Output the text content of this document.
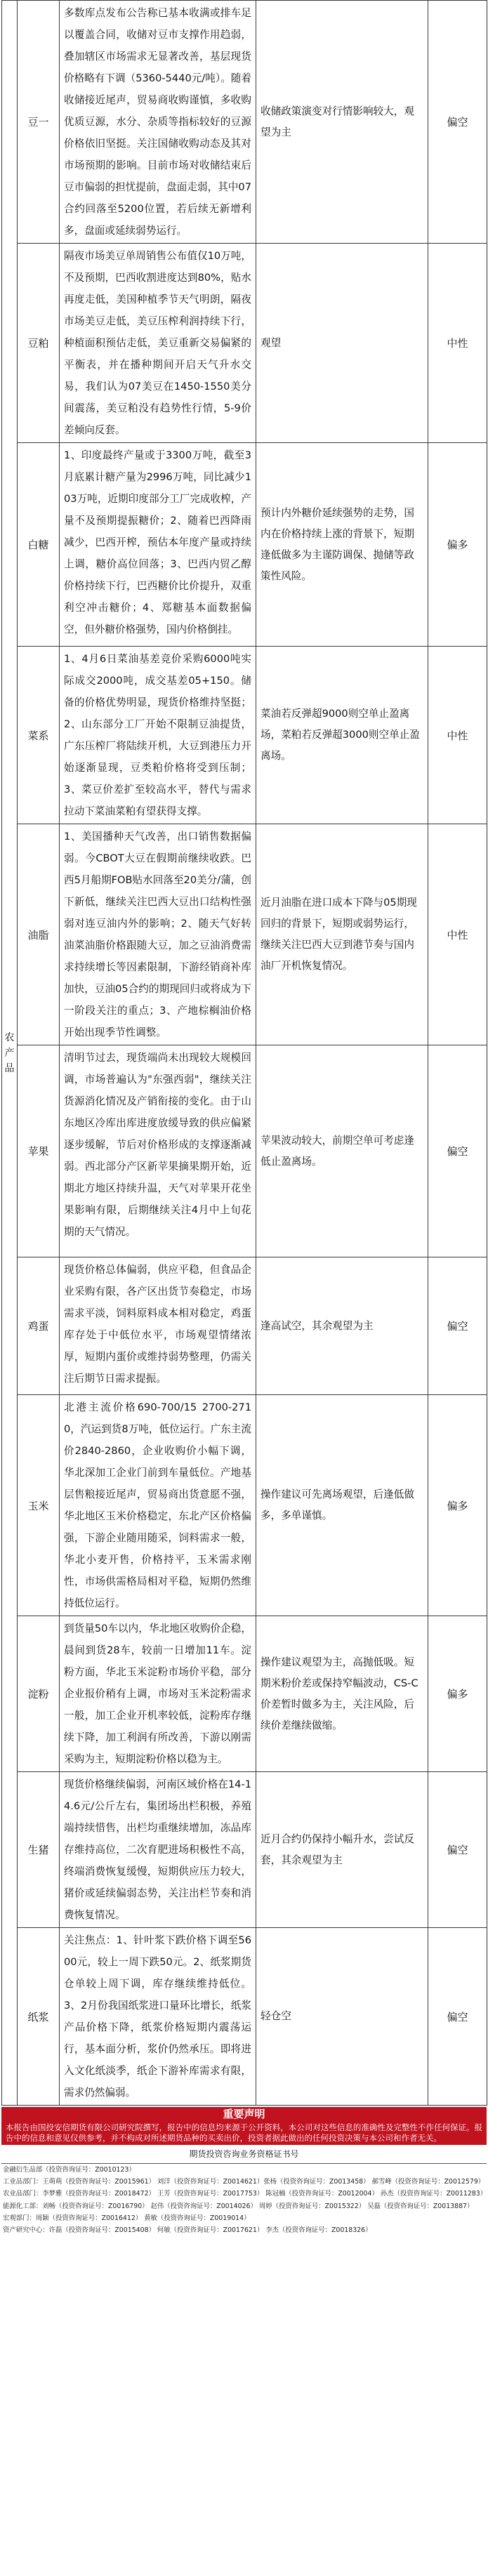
农产品	豆一	多数库点发布公告称已基本收满或排车足以覆盖合同，收储对豆市支撑作用趋弱，叠加辖区市场需求无显著改善，基层现货价格略有下调（5360-5440元/吨）。随着收储接近尾声，贸易商收购谨慎，多收购优质豆源，水分、杂质等指标较好的豆源价格依旧坚挺。关注国储收购动态及其对市场预期的影响。目前市场对收储结束后豆市偏弱的担忧提前，盘面走弱，其中07合约回落至5200位置，若后续无新增利多，盘面或延续弱势运行。	收储政策演变对行情影响较大，观望为主	偏空
	豆粕	隔夜市场美豆单周销售公布值仅10万吨，不及预期，巴西收割进度达到80%，贴水再度走低，美国种植季节天气明朗，隔夜市场美豆走低，美豆压榨利润持续下行，种植面积预估走低，美豆重新交易偏紧的平衡表，并在播种期间开启天气升水交易，我们认为07美豆在1450-1550美分间震荡，美豆粕没有趋势性行情，5-9价差倾向反套。	观望	中性
	白糖	1、印度最终产量或于3300万吨，截至3月底累计糖产量为2996万吨，同比减少103万吨，近期印度部分工厂完成收榨，产量不及预期提振糖价；2、随着巴西降雨减少，巴西开榨，预估本年度产量或持续上调，糖价高位回落；3、巴西内贸乙醇价格持续下行，巴西糖价比价提升，双重利空冲击糖价；4、郑糖基本面数据偏空，但外糖价格强势，国内价格倒挂。	预计内外糖价延续强势的走势，国内在价格持续上涨的背景下，短期逢低做多为主谨防调保、抛储等政策性风险。	偏多
	菜系	1、4月6日菜油基差竞价采购6000吨实际成交2000吨，成交基差05+150。储备的价格优势明显，现货价格维持坚挺；2、山东部分工厂开始不限制豆油提货，广东压榨厂将陆续开机，大豆到港压力开始逐渐显现，豆类粕价格将受到压制；3、菜豆价差扩至较高水平，替代与需求拉动下菜油菜粕有望获得支撑。	菜油若反弹超9000则空单止盈离场，菜粕若反弹超3000则空单止盈离场。	中性
	油脂	1、美国播种天气改善，出口销售数据偏弱。今CBOT大豆在假期前继续收跌。巴西5月船期FOB贴水回落至20美分/蒲，创下新低，继续关注巴西大豆出口结构性强弱对连豆油内外的影响；2、随天气好转油菜油脂价格跟随大豆，加之豆油消费需求持续增长等因素限制，下游经销商补库加快，豆油05合约的期现回归或将成为下一阶段关注的重点；3、产地棕榈油价格开始出现季节性调整。	近月油脂在进口成本下降与05期现回归的背景下，短期或弱势运行，继续关注巴西大豆到港节奏与国内油厂开机恢复情况。	中性
	苹果	清明节过去，现货端尚未出现较大规模回调，市场普遍认为"东强西弱"，继续关注货源消化情况及产销衔接的变化。由于山东地区冷库出库进度放缓导致的供应偏紧逐步缓解，节后对价格形成的支撑逐渐减弱。西北部分产区新苹果摘果期开始，近期北方地区持续升温，天气对苹果开花坐果影响有限，后期继续关注4月中上旬花期的天气情况。	苹果波动较大，前期空单可考虑逢低止盈离场。	偏空
	鸡蛋	现货价格总体偏弱，供应平稳，但食品企业采购有限，各产区出货节奏稳定，市场需求平淡，饲料原料成本相对稳定，鸡蛋库存处于中低位水平，市场观望情绪浓厚，短期内蛋价或维持弱势整理，仍需关注后期节日需求提振。	逢高试空，其余观望为主	偏空
	玉米	北港主流价格690-700/15 2700-2710，汽运到货8万吨，低位运行。广东主流价2840-2860，企业收购价小幅下调，华北深加工企业门前到车量低位。产地基层售粮接近尾声，贸易商出货意愿不强，华北地区玉米价格稳定，东北产区价格偏强，下游企业随用随采，饲料需求一般，华北小麦开售，价格持平，玉米需求刚性，市场供需格局相对平稳，短期仍然维持低位运行。	操作建议可先离场观望，后逢低做多，多单谨慎。	偏多
	淀粉	到货量50车以内，华北地区收购价企稳，晨间到货28车，较前一日增加11车。淀粉方面，华北玉米淀粉市场价平稳，部分企业报价稍有上调，市场对玉米淀粉需求一般，加工企业开机率较低，淀粉库存继续下降，加工利润有所改善，下游以刚需采购为主，短期淀粉价格以稳为主。	操作建议观望为主，高抛低吸。短期米粉价差或保持窄幅波动，CS-C价差暂时做多为主，关注风险，后续价差继续做缩。	偏多
	生猪	现货价格继续偏弱，河南区域价格在14-14.6元/公斤左右，集团场出栏积极，养殖端持续惜售，出栏均重继续增加，冻品库存维持高位，二次育肥进场积极性不高，终端消费恢复缓慢，短期供应压力较大，猪价或延续偏弱态势，关注出栏节奏和消费恢复情况。	近月合约仍保持小幅升水，尝试反套，其余观望为主	偏空
	纸浆	关注焦点：1、针叶浆下跌价格下调至5600元，较上一周下跌50元。2、纸浆期货仓单较上周下调，库存继续维持低位。3、2月份我国纸浆进口量环比增长，纸浆产品价格下降，纸浆价格短期内震荡运行，基本面分析，浆价仍然承压。即将进入文化纸淡季，纸企下游补库需求有限，需求仍然偏弱。	轻仓空	偏空
重要声明
本报告由国投安信期货有限公司研究院撰写，报告中的信息均来源于公开资料，本公司对这些信息的准确性及完整性不作任何保证。报告中的信息和意见仅供参考，并不构成对所述期货品种的买卖出价，投资者据此做出的任何投资决策与本公司和作者无关。
期货投资咨询业务资格证书号
金融衍生品部（投资咨询证号：Z0010123）
工业品部门：王萌萌（投资咨询证号：Z0015961） 刘洋（投资咨询证号：Z0014621）张杨（投资咨询证号：Z0013458） 郝雪峰（投资咨询证号：Z0012579）
农业品部门：李梦雅（投资咨询证号：Z0018472） 王芳（投资咨询证号：Z0017753） 陈冠楠（投资咨询证号：Z0012004） 孙杰（投资咨询证号：Z0011283）
能源化工部：刘畅（投资咨询证号：Z0016790） 赵伟（投资咨询证号：Z0014026） 周婷（投资咨询证号：Z0015322） 吴磊（投资咨询证号：Z0013887）
宏观部门：周颖（投资咨询证号：Z0016412） 黄敏（投资咨询证号：Z0019014）
资产研究中心：许磊（投资咨询证号：Z0015408） 何敏（投资咨询证号：Z0017621） 李杰（投资咨询证号：Z0018326）
